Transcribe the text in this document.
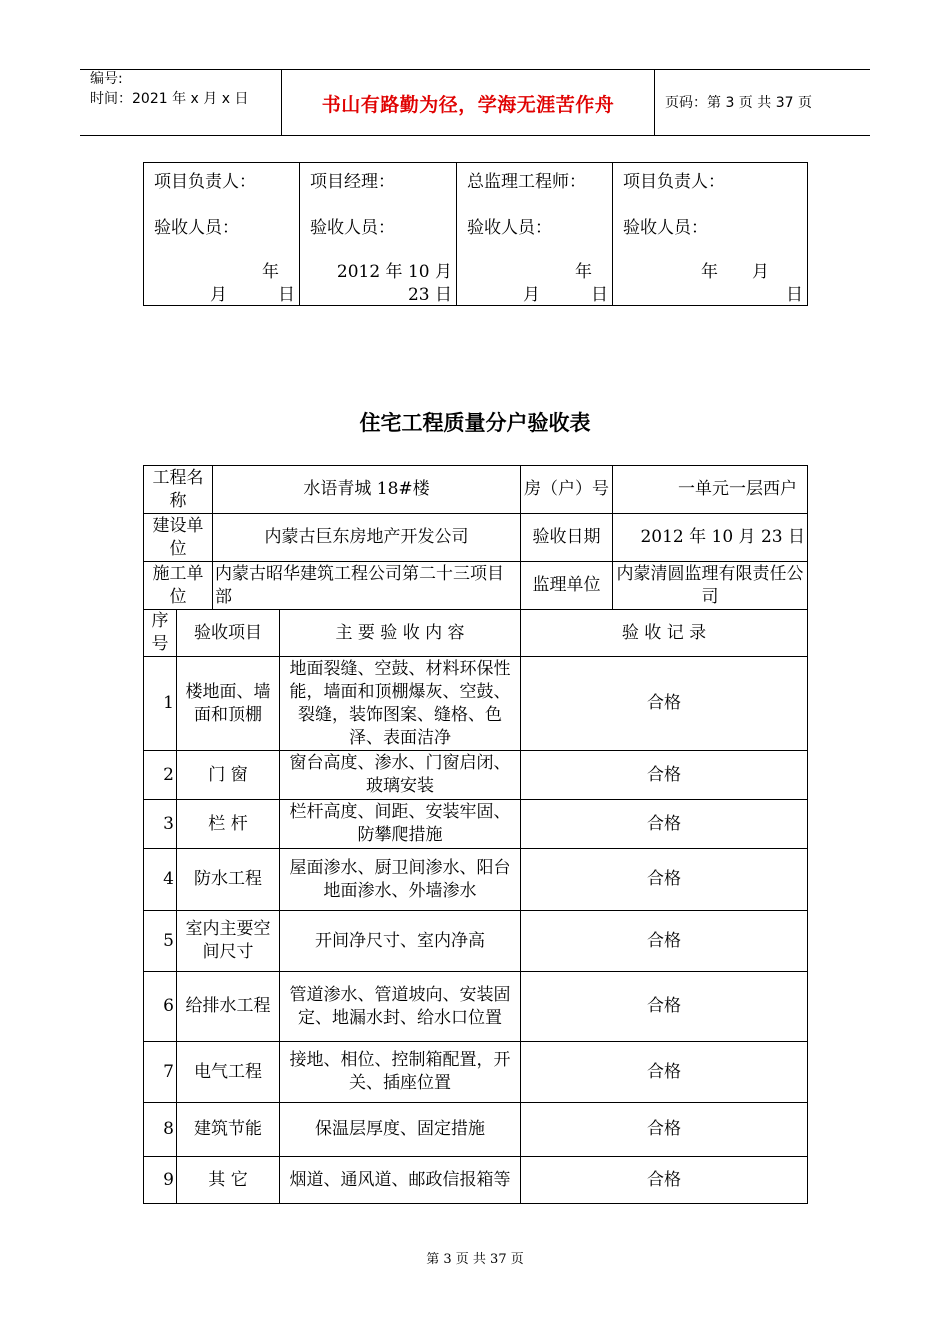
编号:
时间：2021 年 x 月 x 日	书山有路勤为径，学海无涯苦作舟	页码：第 3 页 共 37 页
项目负责人：
验收人员：
年
月　　　日

项目经理：
验收人员：
2012 年 10 月
23 日

总监理工程师：
验收人员：
年
月　　　日

项目负责人：
验收人员：
年　　月
日
住宅工程质量分户验收表
工程名称		水语青城 18#楼		房（户）号	一单元一层西户
建设单位		内蒙古巨东房地产开发公司		验收日期	2012 年 10 月 23 日
施工单位		内蒙古昭华建筑工程公司第二十三项目部		监理单位	内蒙清圆监理有限责任公司
序号	验收项目		主 要 验 收 内 容	验 收 记 录	
1	楼地面、墙面和顶棚		地面裂缝、空鼓、材料环保性能，墙面和顶棚爆灰、空鼓、裂缝，装饰图案、缝格、色泽、表面洁净	合格	
2	门 窗		窗台高度、渗水、门窗启闭、玻璃安装	合格	
3	栏 杆		栏杆高度、间距、安装牢固、防攀爬措施	合格	
4	防水工程		屋面渗水、厨卫间渗水、阳台地面渗水、外墙渗水	合格	
5	室内主要空间尺寸		开间净尺寸、室内净高	合格	
6	给排水工程		管道渗水、管道坡向、安装固定、地漏水封、给水口位置	合格	
7	电气工程		接地、相位、控制箱配置，开关、插座位置	合格	
8	建筑节能		保温层厚度、固定措施	合格	
9	其 它		烟道、通风道、邮政信报箱等	合格	
第 3 页 共 37 页
